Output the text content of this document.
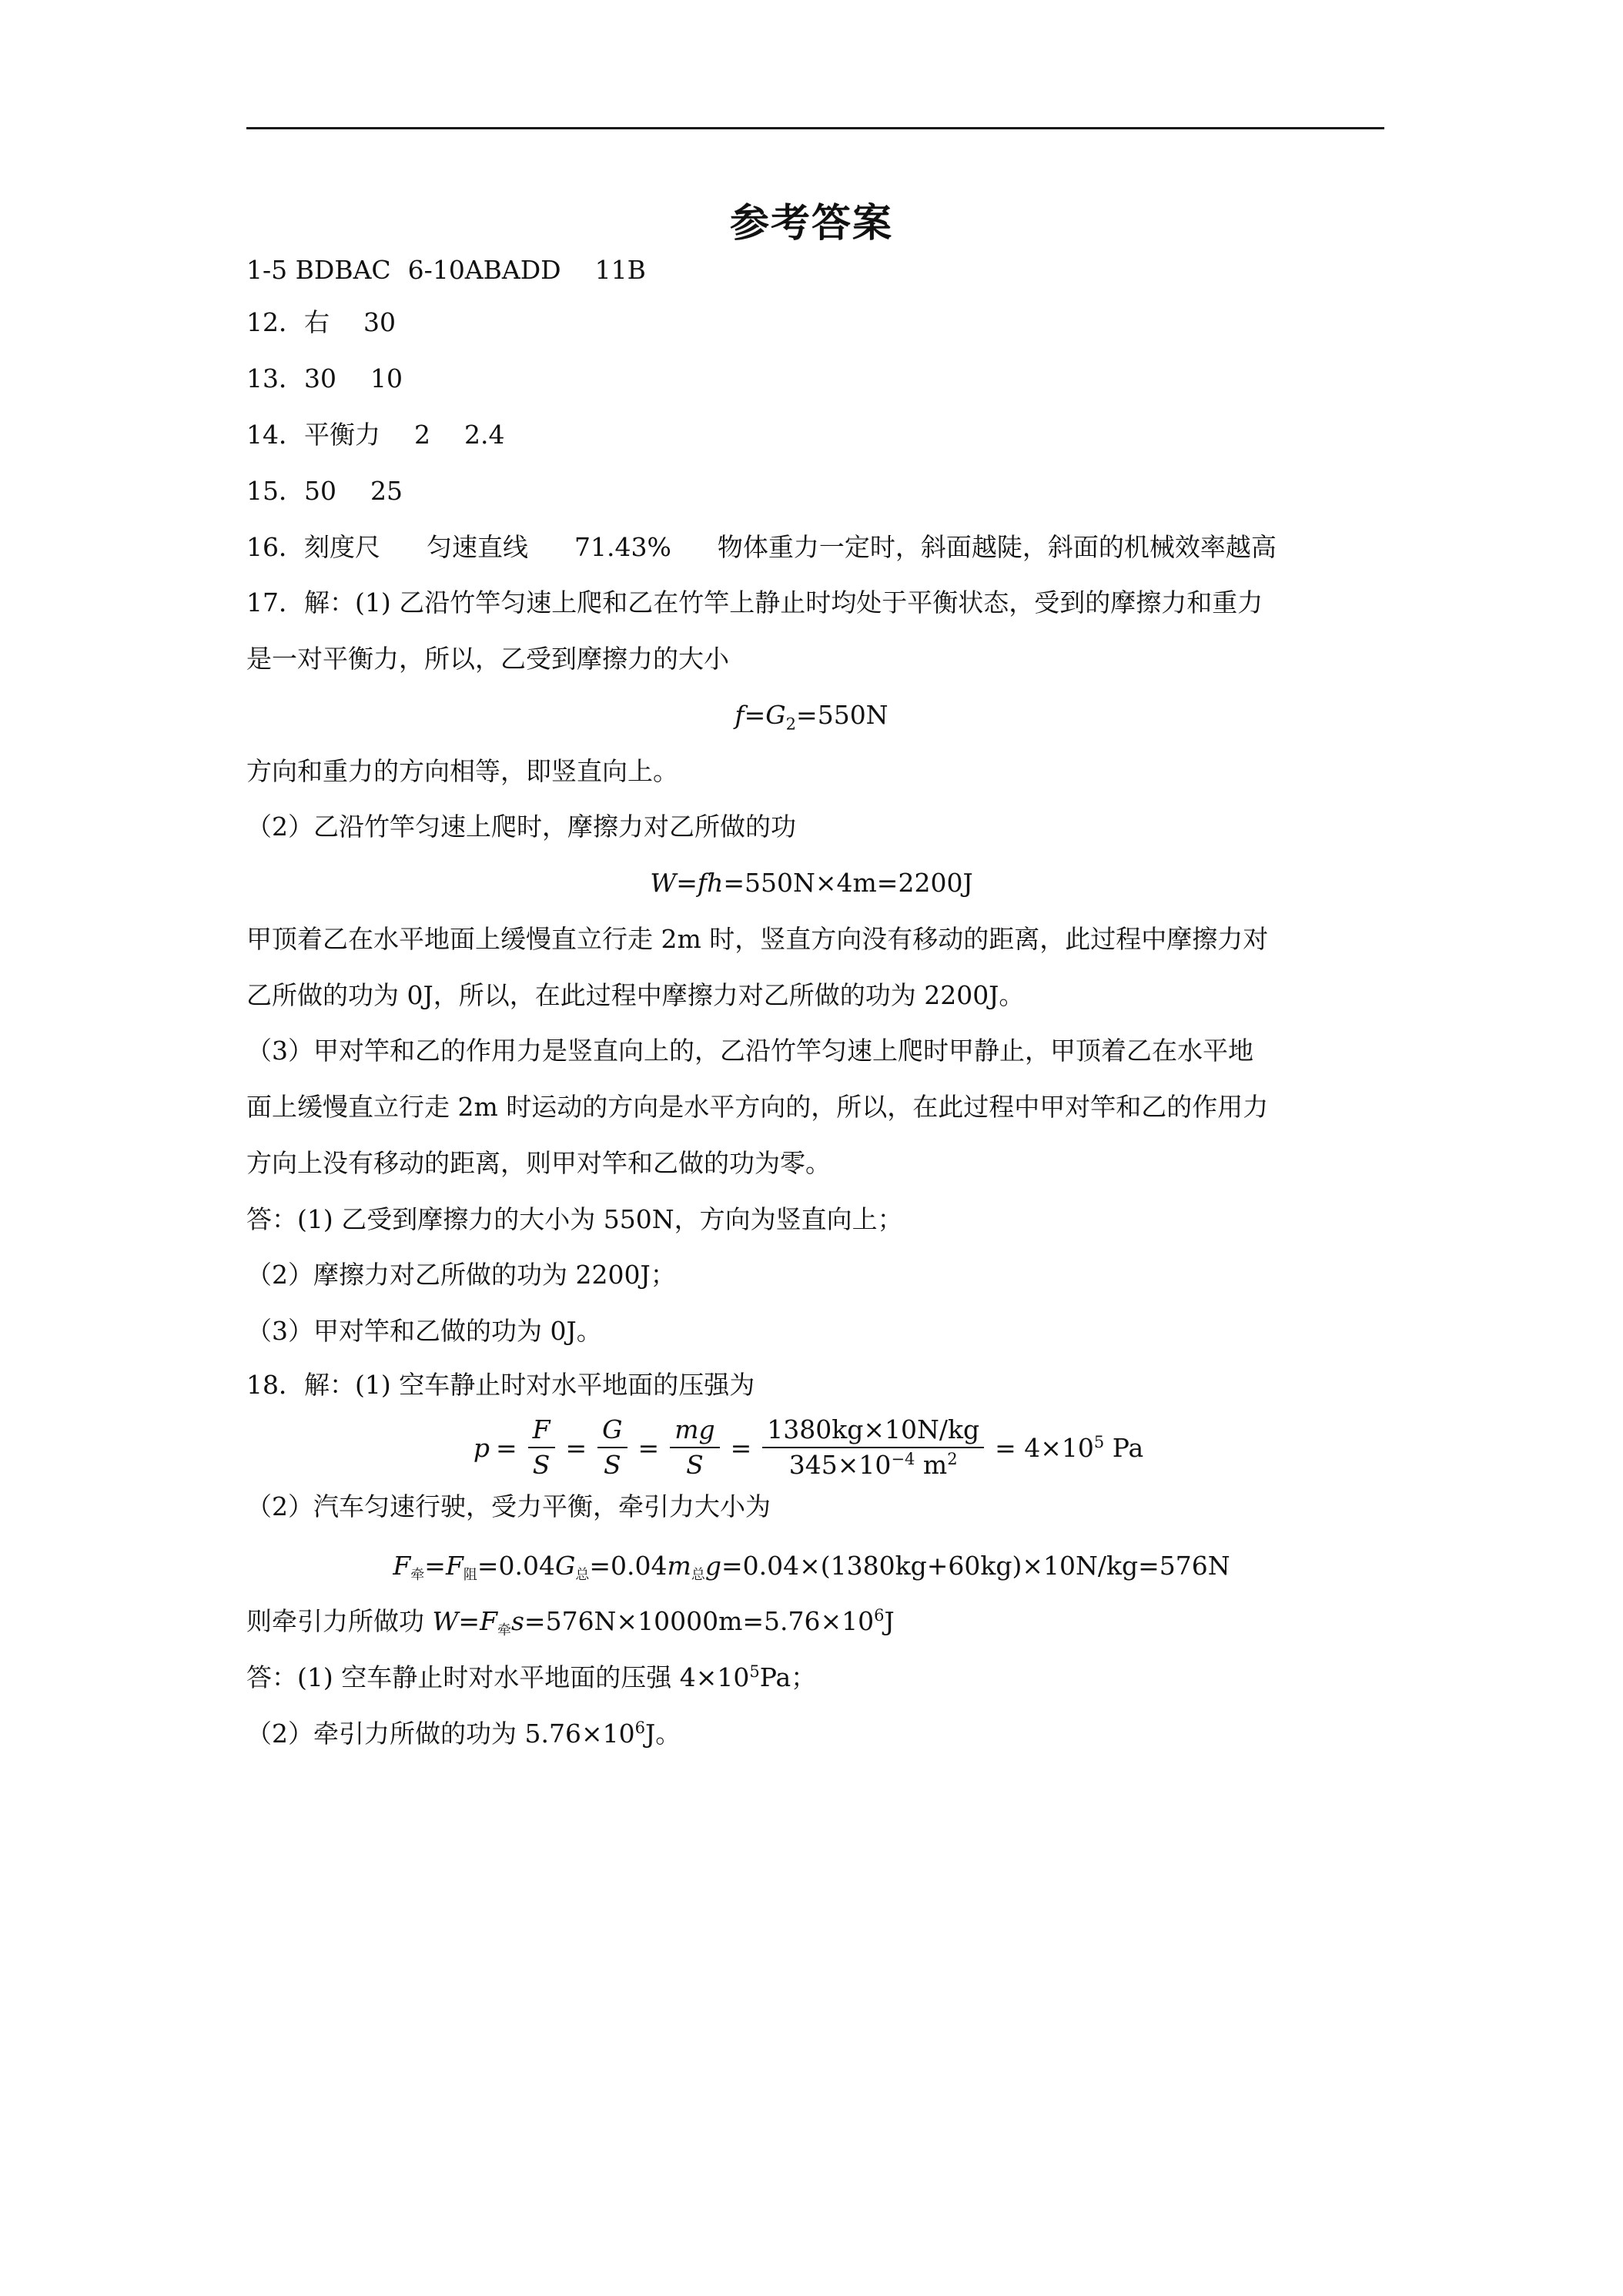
参考答案
1-5 BDBAC 6-10ABADD 11B
12．右 30
13．30 10
14．平衡力 2 2.4
15．50 25
16．刻度尺 匀速直线 71.43% 物体重力一定时，斜面越陡，斜面的机械效率越高
17．解：(1) 乙沿竹竿匀速上爬和乙在竹竿上静止时均处于平衡状态，受到的摩擦力和重力
是一对平衡力，所以，乙受到摩擦力的大小
$f=G_2=550N$
方向和重力的方向相等，即竖直向上。
（2）乙沿竹竿匀速上爬时，摩擦力对乙所做的功
W=fh=550N×4m=2200J
甲顶着乙在水平地面上缓慢直立行走 2m 时，竖直方向没有移动的距离，此过程中摩擦力对
乙所做的功为 0J，所以，在此过程中摩擦力对乙所做的功为 2200J。
（3）甲对竿和乙的作用力是竖直向上的，乙沿竹竿匀速上爬时甲静止，甲顶着乙在水平地
面上缓慢直立行走 2m 时运动的方向是水平方向的，所以，在此过程中甲对竿和乙的作用力
方向上没有移动的距离，则甲对竿和乙做的功为零。
答：(1) 乙受到摩擦力的大小为 550N，方向为竖直向上；
（2）摩擦力对乙所做的功为 2200J；
（3）甲对竿和乙做的功为 0J。
18．解：(1) 空车静止时对水平地面的压强为
$p = \frac{F}{S} = \frac{G}{S} = \frac{mg}{S} = \frac{1380kg\times 10N/kg}{345\times 10^{-4} m^2} = 4\times 10^5$ Pa
（2）汽车匀速行驶，受力平衡，牵引力大小为
F牵=F阻=0.04G总=0.04m总g=0.04×(1380kg+60kg)×10N/kg=576N
则牵引力所做功 W=F牵$s=576N\times 10000m=5.76\times 10^6J$
答：(1) 空车静止时对水平地面的压强 $4\times 10^5Pa$；
（2）牵引力所做的功为 $5.76\times 10^6J$。
